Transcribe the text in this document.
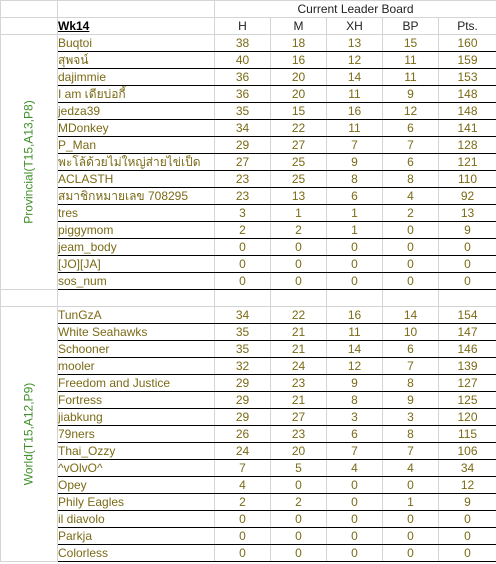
		Current Leader Board				
	Wk14	H	M	XH	BP	Pts.

Provincial(T15,A13,P8)	Buqtoi	38	18	13	15	160
	สุพจน์	40	16	12	11	159
	dajimmie	36	20	14	11	153
	I am เดียบ่อกี้	36	20	11	9	148
	jedza39	35	15	16	12	148
	MDonkey	34	22	11	6	141
	P_Man	29	27	7	7	128
	พะโล้ด้วยไม่ใหญ่ส่ายไข่เป็ด	27	25	9	6	121
	ACLASTH	23	25	8	8	110
	สมาชิกหมายเลข 708295	23	13	6	4	92
	tres	3	1	1	2	13
	piggymom	2	2	1	0	9
	jeam_body	0	0	0	0	0
	[JO][JA]	0	0	0	0	0
	sos_num	0	0	0	0	0

World(T15,A12,P9)	TunGzA	34	22	16	14	154
	White Seahawks	35	21	11	10	147
	Schooner	35	21	14	6	146
	mooler	32	24	12	7	139
	Freedom and Justice	29	23	9	8	127
	Fortress	29	21	8	9	125
	jiabkung	29	27	3	3	120
	79ners	26	23	6	8	115
	Thai_Ozzy	24	20	7	7	106
	^vOlvO^	7	5	4	4	34
	Opey	4	0	0	0	12
	Phily Eagles	2	2	0	1	9
	il diavolo	0	0	0	0	0
	Parkja	0	0	0	0	0
	Colorless	0	0	0	0	0
